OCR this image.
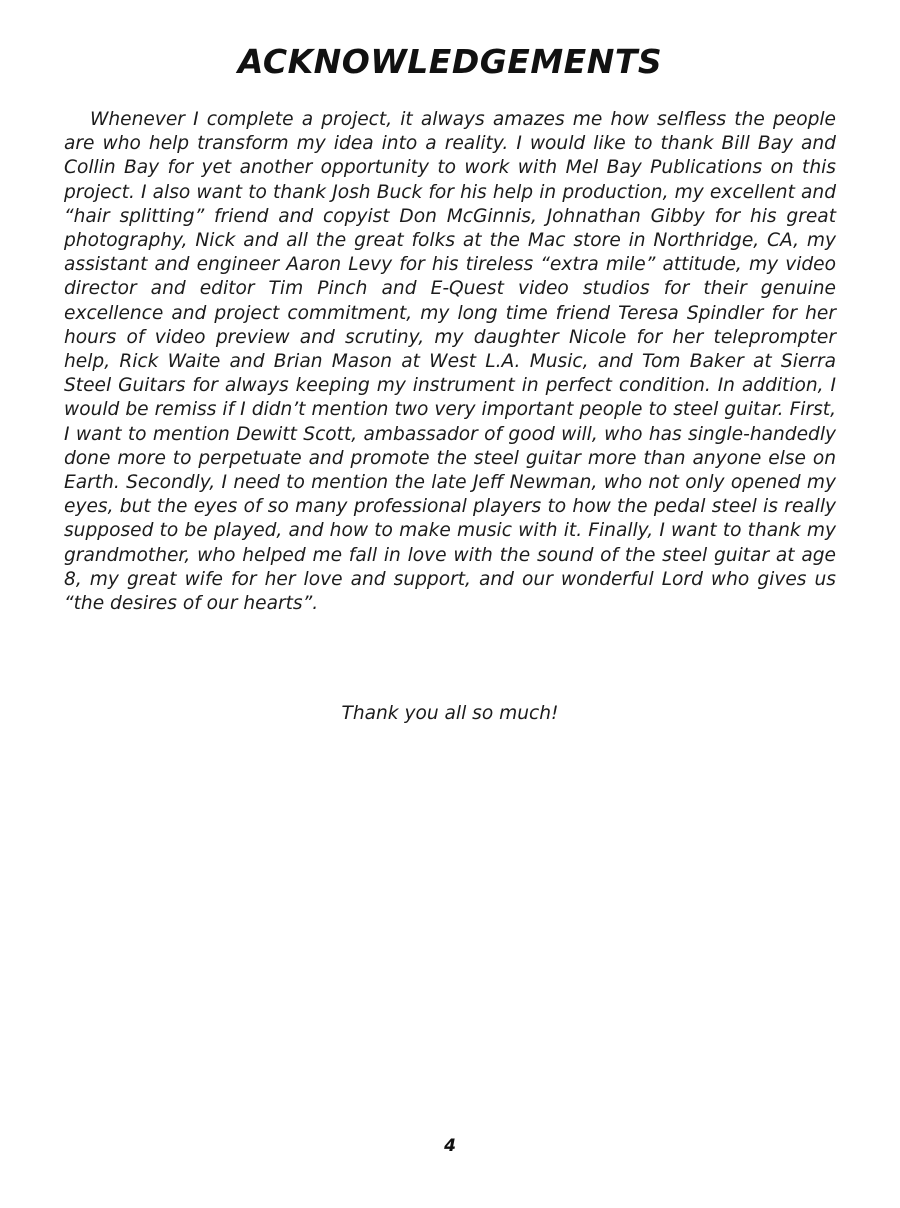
ACKNOWLEDGEMENTS

Whenever I complete a project, it always amazes me how selfless the people are who help transform my idea into a reality. I would like to thank Bill Bay and Collin Bay for yet another opportunity to work with Mel Bay Publications on this project. I also want to thank Josh Buck for his help in production, my excellent and “hair splitting” friend and copyist Don McGinnis, Johnathan Gibby for his great photography, Nick and all the great folks at the Mac store in Northridge, CA, my assistant and engineer Aaron Levy for his tireless “extra mile” attitude, my video director and editor Tim Pinch and E-Quest video studios for their genuine excellence and project commitment, my long time friend Teresa Spindler for her hours of video preview and scrutiny, my daughter Nicole for her teleprompter help, Rick Waite and Brian Mason at West L.A. Music, and Tom Baker at Sierra Steel Guitars for always keeping my instrument in perfect condition. In addition, I would be remiss if I didn’t mention two very important people to steel guitar. First, I want to mention Dewitt Scott, ambassador of good will, who has single-handedly done more to perpetuate and promote the steel guitar more than anyone else on Earth. Secondly, I need to mention the late Jeff Newman, who not only opened my eyes, but the eyes of so many professional players to how the pedal steel is really supposed to be played, and how to make music with it. Finally, I want to thank my grandmother, who helped me fall in love with the sound of the steel guitar at age 8, my great wife for her love and support, and our wonderful Lord who gives us “the desires of our hearts”.

Thank you all so much!

4
